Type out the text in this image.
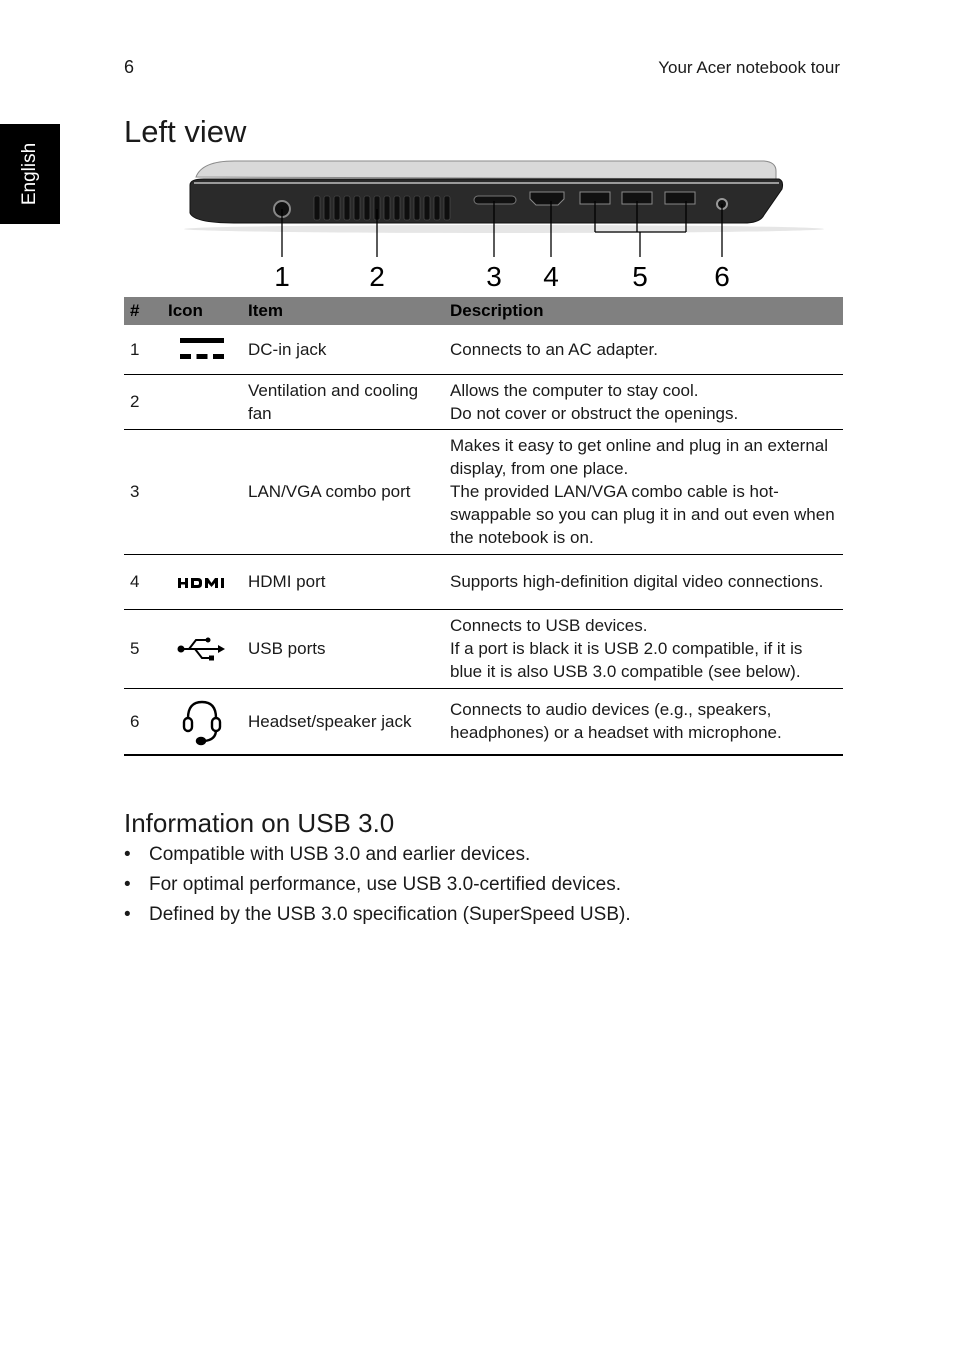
6	Your Acer notebook tour
English
Left view
1	2	3 4	5 6
#	Icon	Item	Description
1		DC-in jack	Connects to an AC adapter.

2		Ventilation and cooling fan	Allows the computer to stay cool.
Do not cover or obstruct the openings.

3		LAN/VGA combo port	Makes it easy to get online and plug in an external display, from one place.
The provided LAN/VGA combo cable is hot-swappable so you can plug it in and out even when the notebook is on.

4		HDMI port	Supports high-definition digital video connections.

5		USB ports	Connects to USB devices.
If a port is black it is USB 2.0 compatible, if it is blue it is also USB 3.0 compatible (see below).

6		Headset/speaker jack	Connects to audio devices (e.g., speakers, headphones) or a headset with microphone.
Information on USB 3.0
• Compatible with USB 3.0 and earlier devices.
• For optimal performance, use USB 3.0-certified devices.
• Defined by the USB 3.0 specification (SuperSpeed USB).
